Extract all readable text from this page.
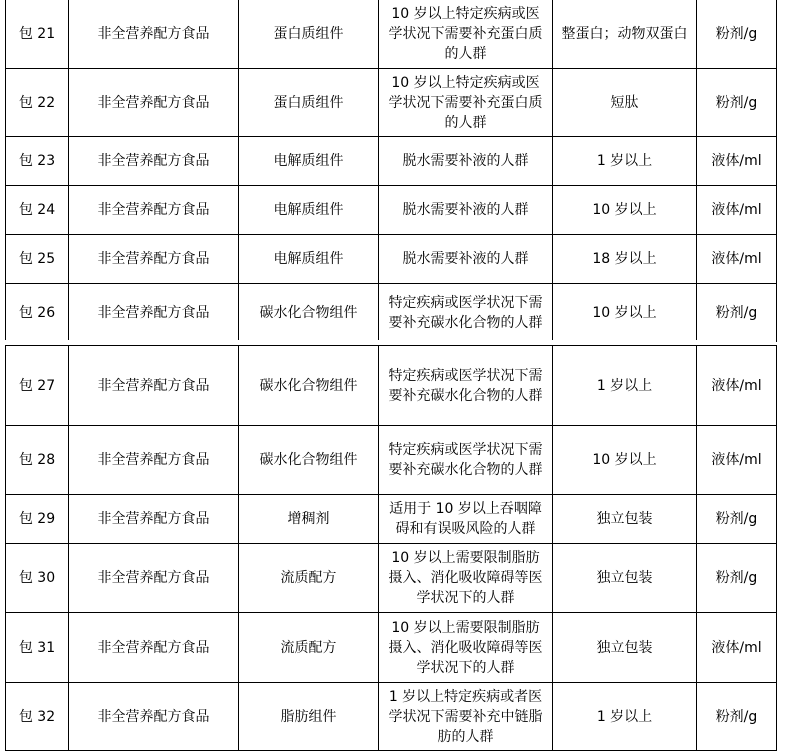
包 21	非全营养配方食品	蛋白质组件	10 岁以上特定疾病或医学状况下需要补充蛋白质的人群	整蛋白；动物双蛋白	粉剂/g
包 22	非全营养配方食品	蛋白质组件	10 岁以上特定疾病或医学状况下需要补充蛋白质的人群	短肽	粉剂/g
包 23	非全营养配方食品	电解质组件	脱水需要补液的人群	1 岁以上	液体/ml
包 24	非全营养配方食品	电解质组件	脱水需要补液的人群	10 岁以上	液体/ml
包 25	非全营养配方食品	电解质组件	脱水需要补液的人群	18 岁以上	液体/ml
包 26	非全营养配方食品	碳水化合物组件	特定疾病或医学状况下需要补充碳水化合物的人群	10 岁以上	粉剂/g
包 27	非全营养配方食品	碳水化合物组件	特定疾病或医学状况下需要补充碳水化合物的人群	1 岁以上	液体/ml
包 28	非全营养配方食品	碳水化合物组件	特定疾病或医学状况下需要补充碳水化合物的人群	10 岁以上	液体/ml
包 29	非全营养配方食品	增稠剂	适用于 10 岁以上吞咽障碍和有误吸风险的人群	独立包装	粉剂/g
包 30	非全营养配方食品	流质配方	10 岁以上需要限制脂肪摄入、消化吸收障碍等医学状况下的人群	独立包装	粉剂/g
包 31	非全营养配方食品	流质配方	10 岁以上需要限制脂肪摄入、消化吸收障碍等医学状况下的人群	独立包装	液体/ml
包 32	非全营养配方食品	脂肪组件	1 岁以上特定疾病或者医学状况下需要补充中链脂肪的人群	1 岁以上	粉剂/g
